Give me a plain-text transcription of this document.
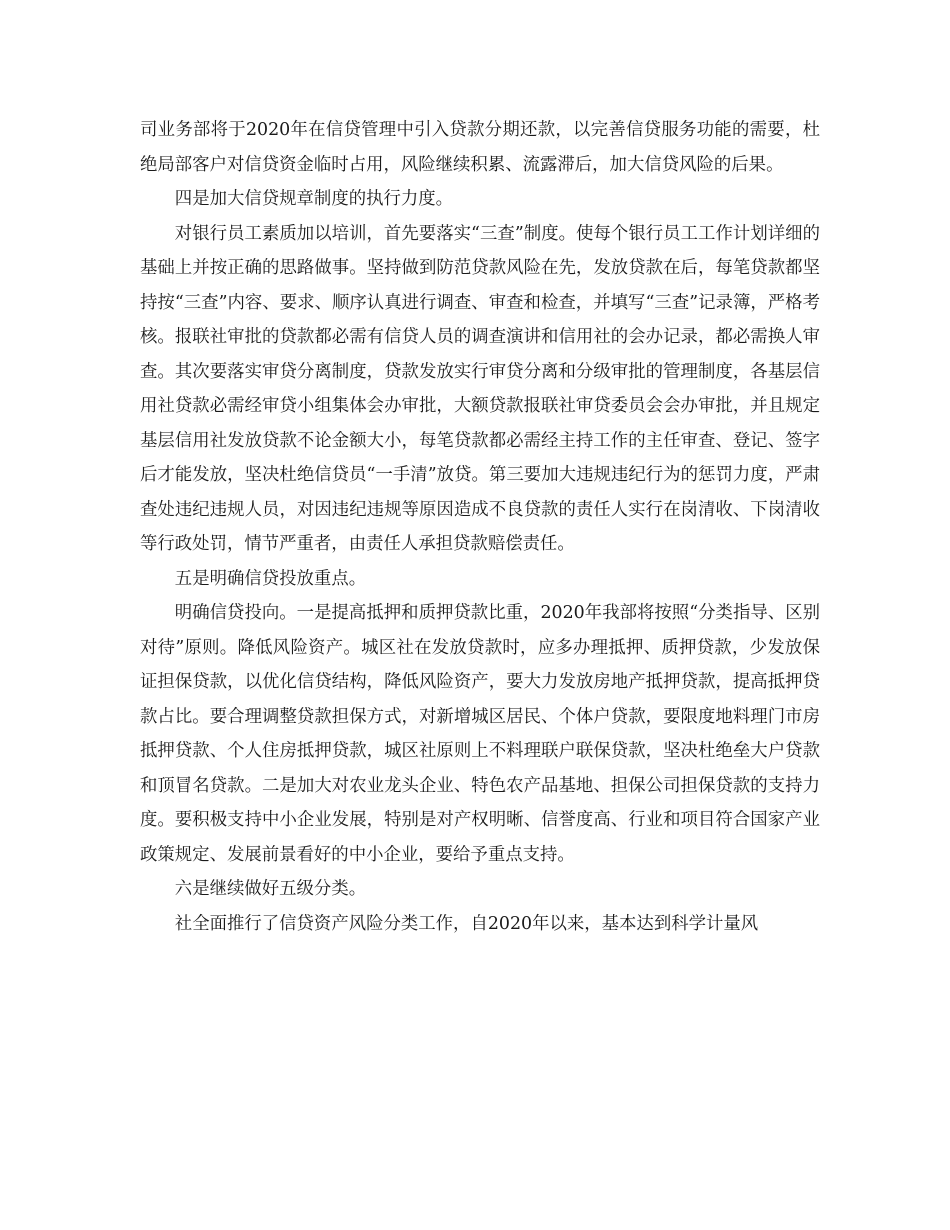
司业务部将于2020年在信贷管理中引入贷款分期还款，以完善信贷服务功能的需要，杜绝局部客户对信贷资金临时占用，风险继续积累、流露滞后，加大信贷风险的后果。

四是加大信贷规章制度的执行力度。

对银行员工素质加以培训，首先要落实“三查”制度。使每个银行员工工作计划详细的基础上并按正确的思路做事。坚持做到防范贷款风险在先，发放贷款在后，每笔贷款都坚持按“三查”内容、要求、顺序认真进行调查、审查和检查，并填写“三查”记录簿，严格考核。报联社审批的贷款都必需有信贷人员的调查演讲和信用社的会办记录，都必需换人审查。其次要落实审贷分离制度，贷款发放实行审贷分离和分级审批的管理制度，各基层信用社贷款必需经审贷小组集体会办审批，大额贷款报联社审贷委员会会办审批，并且规定基层信用社发放贷款不论金额大小，每笔贷款都必需经主持工作的主任审查、登记、签字后才能发放，坚决杜绝信贷员“一手清”放贷。第三要加大违规违纪行为的惩罚力度，严肃查处违纪违规人员，对因违纪违规等原因造成不良贷款的责任人实行在岗清收、下岗清收等行政处罚，情节严重者，由责任人承担贷款赔偿责任。

五是明确信贷投放重点。

明确信贷投向。一是提高抵押和质押贷款比重，2020年我部将按照“分类指导、区别对待”原则。降低风险资产。城区社在发放贷款时，应多办理抵押、质押贷款，少发放保证担保贷款，以优化信贷结构，降低风险资产，要大力发放房地产抵押贷款，提高抵押贷款占比。要合理调整贷款担保方式，对新增城区居民、个体户贷款，要限度地料理门市房抵押贷款、个人住房抵押贷款，城区社原则上不料理联户联保贷款，坚决杜绝垒大户贷款和顶冒名贷款。二是加大对农业龙头企业、特色农产品基地、担保公司担保贷款的支持力度。要积极支持中小企业发展，特别是对产权明晰、信誉度高、行业和项目符合国家产业政策规定、发展前景看好的中小企业，要给予重点支持。

六是继续做好五级分类。

社全面推行了信贷资产风险分类工作，自2020年以来，基本达到科学计量风
